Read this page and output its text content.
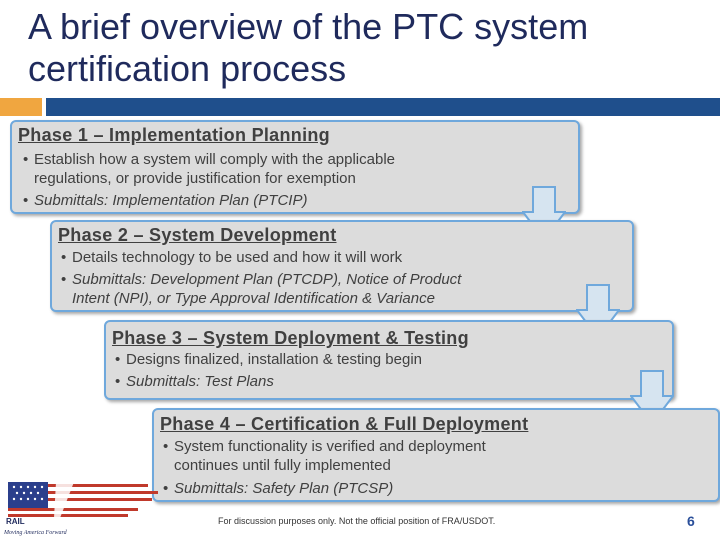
A brief overview of the PTC system
certification process
Phase 1 – Implementation Planning
• Establish how a system will comply with the applicable
regulations, or provide justification for exemption
• Submittals: Implementation Plan (PTCIP)
Phase 2 – System Development
• Details technology to be used and how it will work
• Submittals: Development Plan (PTCDP), Notice of Product
Intent (NPI), or Type Approval Identification & Variance
Phase 3 – System Deployment & Testing
• Designs finalized, installation & testing begin
• Submittals: Test Plans
Phase 4 – Certification & Full Deployment
• System functionality is verified and deployment
continues until fully implemented
• Submittals: Safety Plan (PTCSP)
RAIL
Moving America Forward
For discussion purposes only. Not the official position of FRA/USDOT.	6
